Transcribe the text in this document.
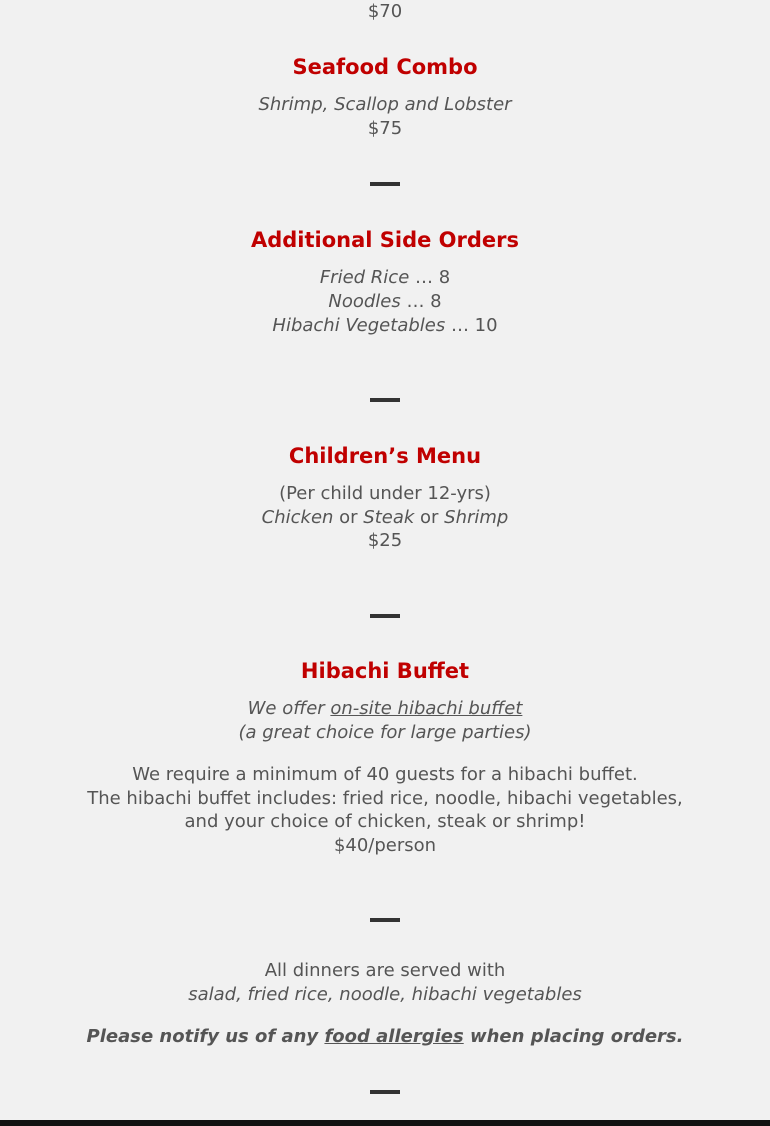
$70

Seafood Combo

Shrimp, Scallop and Lobster

$75

Additional Side Orders

Fried Rice … 8

Noodles … 8

Hibachi Vegetables … 10

Children’s Menu

(Per child under 12-yrs)

Chicken or Steak or Shrimp

$25

Hibachi Buffet

We offer on-site hibachi buffet

(a great choice for large parties)

We require a minimum of 40 guests for a hibachi buffet.

The hibachi buffet includes: fried rice, noodle, hibachi vegetables,

and your choice of chicken, steak or shrimp!

$40/person

All dinners are served with

salad, fried rice, noodle, hibachi vegetables

Please notify us of any food allergies when placing orders.
